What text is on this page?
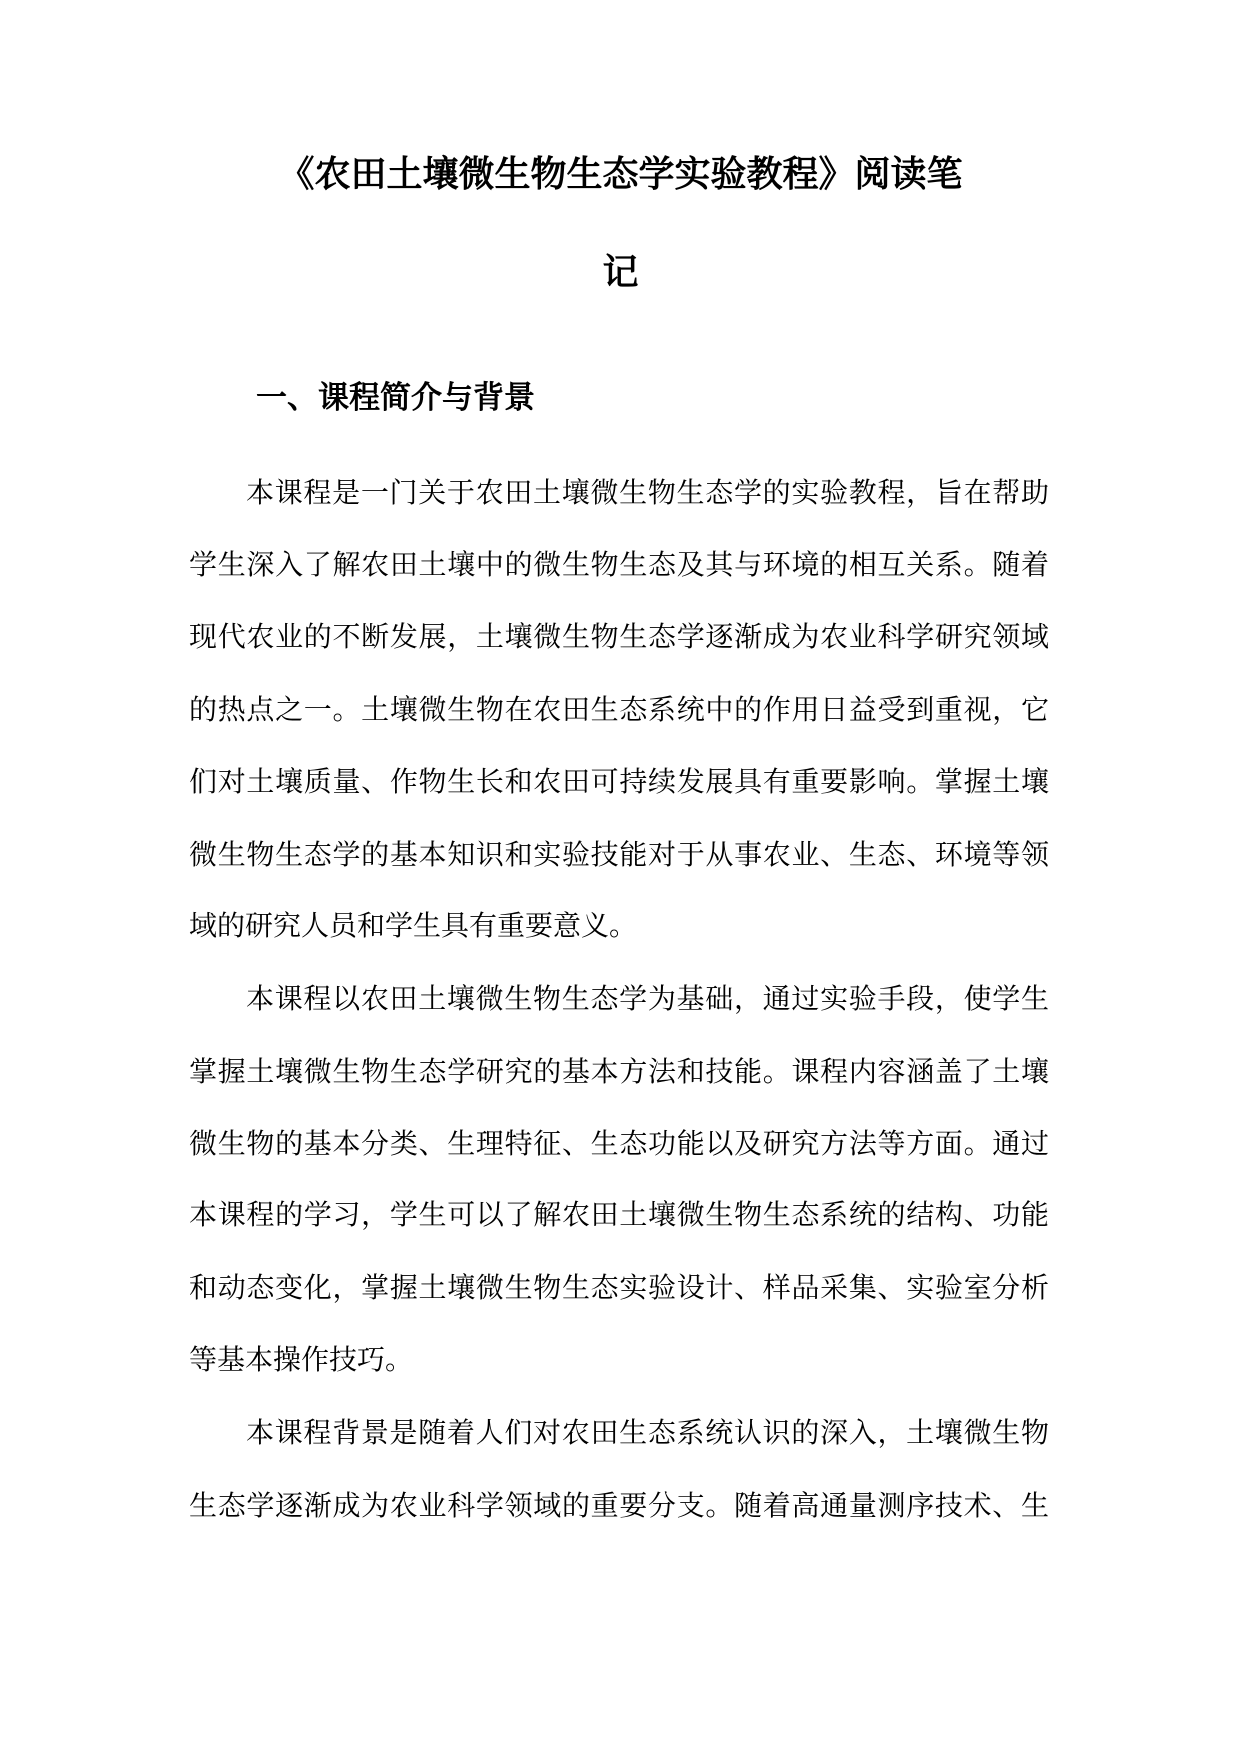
《农田土壤微生物生态学实验教程》阅读笔
记
一、课程简介与背景
本课程是一门关于农田土壤微生物生态学的实验教程，旨在帮助
学生深入了解农田土壤中的微生物生态及其与环境的相互关系。随着
现代农业的不断发展，土壤微生物生态学逐渐成为农业科学研究领域
的热点之一。土壤微生物在农田生态系统中的作用日益受到重视，它
们对土壤质量、作物生长和农田可持续发展具有重要影响。掌握土壤
微生物生态学的基本知识和实验技能对于从事农业、生态、环境等领
域的研究人员和学生具有重要意义。
本课程以农田土壤微生物生态学为基础，通过实验手段，使学生
掌握土壤微生物生态学研究的基本方法和技能。课程内容涵盖了土壤
微生物的基本分类、生理特征、生态功能以及研究方法等方面。通过
本课程的学习，学生可以了解农田土壤微生物生态系统的结构、功能
和动态变化，掌握土壤微生物生态实验设计、样品采集、实验室分析
等基本操作技巧。
本课程背景是随着人们对农田生态系统认识的深入，土壤微生物
生态学逐渐成为农业科学领域的重要分支。随着高通量测序技术、生
